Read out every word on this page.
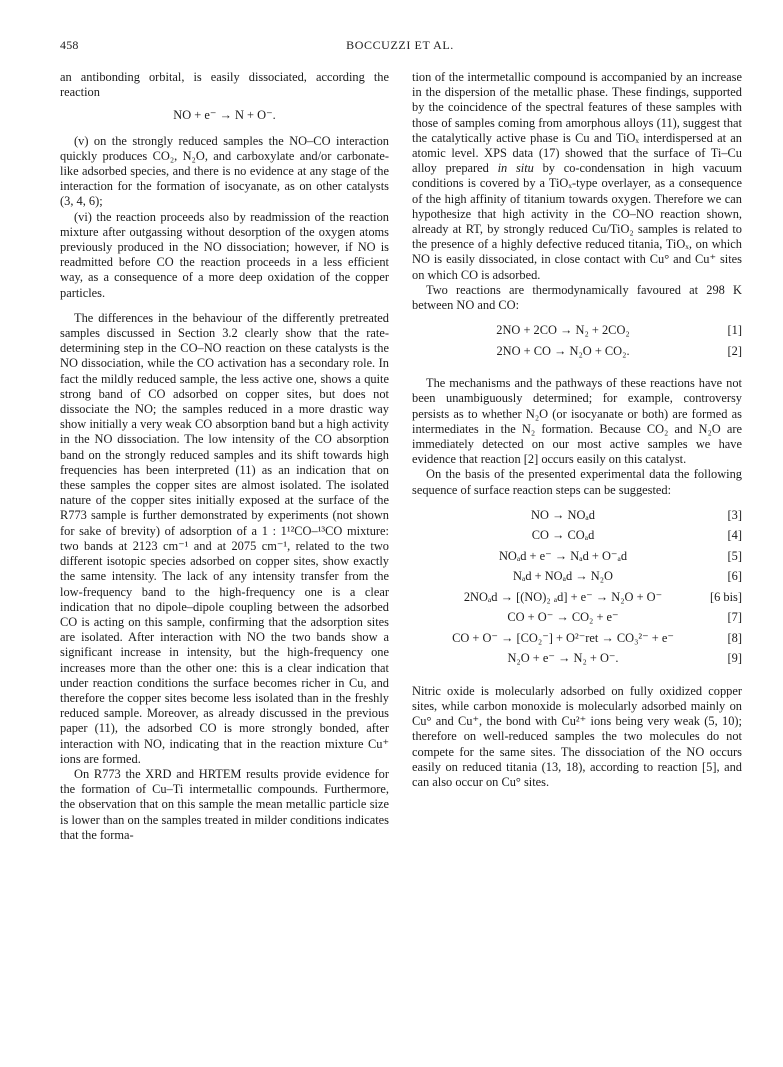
458	BOCCUZZI ET AL.

an antibonding orbital, is easily dissociated, according the reaction

NO + e⁻ → N + O⁻.

(v) on the strongly reduced samples the NO–CO interaction quickly produces CO₂, N₂O, and carboxylate and/or carbonate-like adsorbed species, and there is no evidence at any stage of the interaction for the formation of isocyanate, as on other catalysts (3, 4, 6);

(vi) the reaction proceeds also by readmission of the reaction mixture after outgassing without desorption of the oxygen atoms previously produced in the NO dissociation; however, if NO is readmitted before CO the reaction proceeds in a less efficient way, as a consequence of a more deep oxidation of the copper particles.

The differences in the behaviour of the differently pretreated samples discussed in Section 3.2 clearly show that the rate-determining step in the CO–NO reaction on these catalysts is the NO dissociation, while the CO activation has a secondary role. In fact the mildly reduced sample, the less active one, shows a quite strong band of CO adsorbed on copper sites, but does not dissociate the NO; the samples reduced in a more drastic way show initially a very weak CO absorption band but a high activity in the NO dissociation. The low intensity of the CO absorption band on the strongly reduced samples and its shift towards high frequencies has been interpreted (11) as an indication that on these samples the copper sites are almost isolated. The isolated nature of the copper sites initially exposed at the surface of the R773 sample is further demonstrated by experiments (not shown for sake of brevity) of adsorption of a 1 : 1¹²CO–¹³CO mixture: two bands at 2123 cm⁻¹ and at 2075 cm⁻¹, related to the two different isotopic species adsorbed on copper sites, show exactly the same intensity. The lack of any intensity transfer from the low-frequency band to the high-frequency one is a clear indication that no dipole–dipole coupling between the adsorbed CO is acting on this sample, confirming that the adsorption sites are isolated. After interaction with NO the two bands show a significant increase in intensity, but the high-frequency one increases more than the other one: this is a clear indication that under reaction conditions the surface becomes richer in Cu, and therefore the copper sites become less isolated than in the freshly reduced sample. Moreover, as already discussed in the previous paper (11), the adsorbed CO is more strongly bonded, after interaction with NO, indicating that in the reaction mixture Cu⁺ ions are formed.

On R773 the XRD and HRTEM results provide evidence for the formation of Cu–Ti intermetallic compounds. Furthermore, the observation that on this sample the mean metallic particle size is lower than on the samples treated in milder conditions indicates that the forma-

tion of the intermetallic compound is accompanied by an increase in the dispersion of the metallic phase. These findings, supported by the coincidence of the spectral features of these samples with those of samples coming from amorphous alloys (11), suggest that the catalytically active phase is Cu and TiOₓ interdispersed at an atomic level. XPS data (17) showed that the surface of Ti–Cu alloy prepared in situ by co-condensation in high vacuum conditions is covered by a TiOₓ-type overlayer, as a consequence of the high affinity of titanium towards oxygen. Therefore we can hypothesize that high activity in the CO–NO reaction shown, already at RT, by strongly reduced Cu/TiO₂ samples is related to the presence of a highly defective reduced titania, TiOₓ, on which NO is easily dissociated, in close contact with Cu° and Cu⁺ sites on which CO is adsorbed.

Two reactions are thermodynamically favoured at 298 K between NO and CO:

2NO + 2CO → N₂ + 2CO₂	[1]
2NO + CO → N₂O + CO₂.	[2]

The mechanisms and the pathways of these reactions have not been unambiguously determined; for example, controversy persists as to whether N₂O (or isocyanate or both) are formed as intermediates in the N₂ formation. Because CO₂ and N₂O are immediately detected on our most active samples we have evidence that reaction [2] occurs easily on this catalyst.

On the basis of the presented experimental data the following sequence of surface reaction steps can be suggested:

NO → NOₐd	[3]
CO → COₐd	[4]
NOₐd + e⁻ → Nₐd + O⁻ₐd	[5]
Nₐd + NOₐd → N₂O	[6]
2NOₐd → [(NO)₂ ₐd] + e⁻ → N₂O + O⁻	[6 bis]
CO + O⁻ → CO₂ + e⁻	[7]
CO + O⁻ → [CO₂⁻] + O²⁻ret → CO₃²⁻ + e⁻	[8]
N₂O + e⁻ → N₂ + O⁻.	[9]

Nitric oxide is molecularly adsorbed on fully oxidized copper sites, while carbon monoxide is molecularly adsorbed mainly on Cu° and Cu⁺, the bond with Cu²⁺ ions being very weak (5, 10); therefore on well-reduced samples the two molecules do not compete for the same sites. The dissociation of the NO occurs easily on reduced titania (13, 18), according to reaction [5], and can also occur on Cu° sites.
